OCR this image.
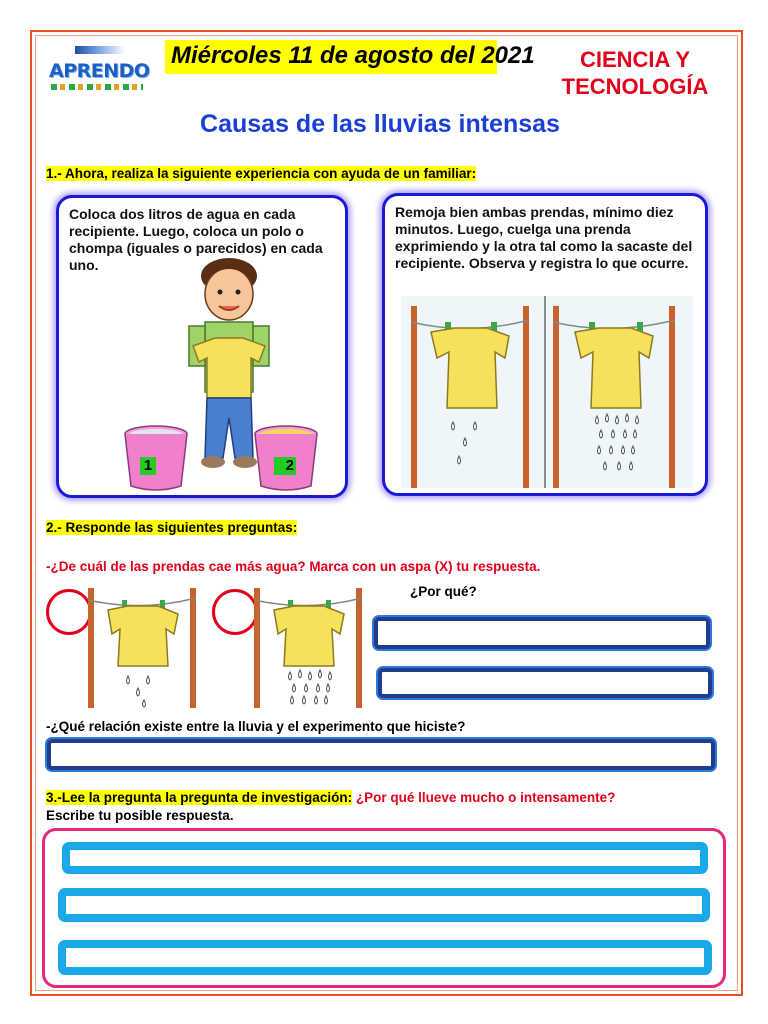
APRENDO
Miércoles 11 de agosto del 2021	CIENCIA Y
TECNOLOGÍA
Causas de las lluvias intensas
1.- Ahora, realiza la siguiente experiencia con ayuda de un familiar:
Coloca dos litros de agua en cada recipiente. Luego, coloca un polo o chompa (iguales o parecidos) en cada uno.
1	2
Remoja bien ambas prendas, mínimo diez minutos. Luego, cuelga una prenda exprimiendo y la otra tal como la sacaste del recipiente. Observa y registra lo que ocurre.
2.- Responde las siguientes preguntas:
-¿De cuál de las prendas cae más agua? Marca con un aspa (X) tu respuesta.
¿Por qué?
-¿Qué relación existe entre la lluvia y el experimento que hiciste?
3.-Lee la pregunta la pregunta de investigación: ¿Por qué llueve mucho o intensamente?
Escribe tu posible respuesta.
